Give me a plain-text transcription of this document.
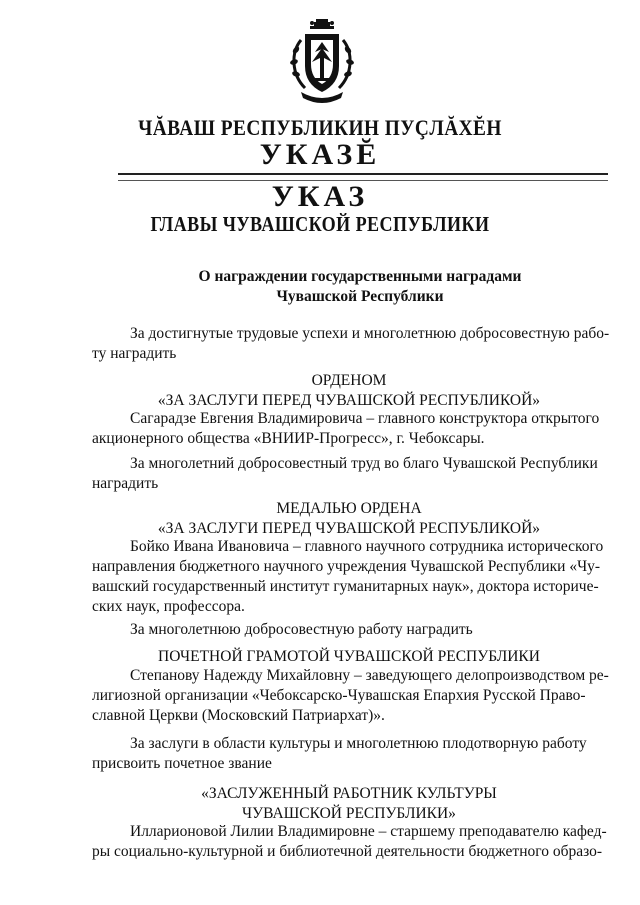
ЧĂВАШ РЕСПУБЛИКИН ПУÇЛĂХĔН
УКАЗĔ
УКАЗ
ГЛАВЫ ЧУВАШСКОЙ РЕСПУБЛИКИ
О награждении государственными наградами
Чувашской Республики
За достигнутые трудовые успехи и многолетнюю добросовестную рабо-
ту наградить
ОРДЕНОМ
«ЗА ЗАСЛУГИ ПЕРЕД ЧУВАШСКОЙ РЕСПУБЛИКОЙ»
Сагарадзе Евгения Владимировича – главного конструктора открытого
акционерного общества «ВНИИР-Прогресс», г. Чебоксары.
За многолетний добросовестный труд во благо Чувашской Республики
наградить
МЕДАЛЬЮ ОРДЕНА
«ЗА ЗАСЛУГИ ПЕРЕД ЧУВАШСКОЙ РЕСПУБЛИКОЙ»
Бойко Ивана Ивановича – главного научного сотрудника исторического
направления бюджетного научного учреждения Чувашской Республики «Чу-
вашский государственный институт гуманитарных наук», доктора историче-
ских наук, профессора.
За многолетнюю добросовестную работу наградить
ПОЧЕТНОЙ ГРАМОТОЙ ЧУВАШСКОЙ РЕСПУБЛИКИ
Степанову Надежду Михайловну – заведующего делопроизводством ре-
лигиозной организации «Чебоксарско-Чувашская Епархия Русской Право-
славной Церкви (Московский Патриархат)».
За заслуги в области культуры и многолетнюю плодотворную работу
присвоить почетное звание
«ЗАСЛУЖЕННЫЙ РАБОТНИК КУЛЬТУРЫ
ЧУВАШСКОЙ РЕСПУБЛИКИ»
Илларионовой Лилии Владимировне – старшему преподавателю кафед-
ры социально-культурной и библиотечной деятельности бюджетного образо-
